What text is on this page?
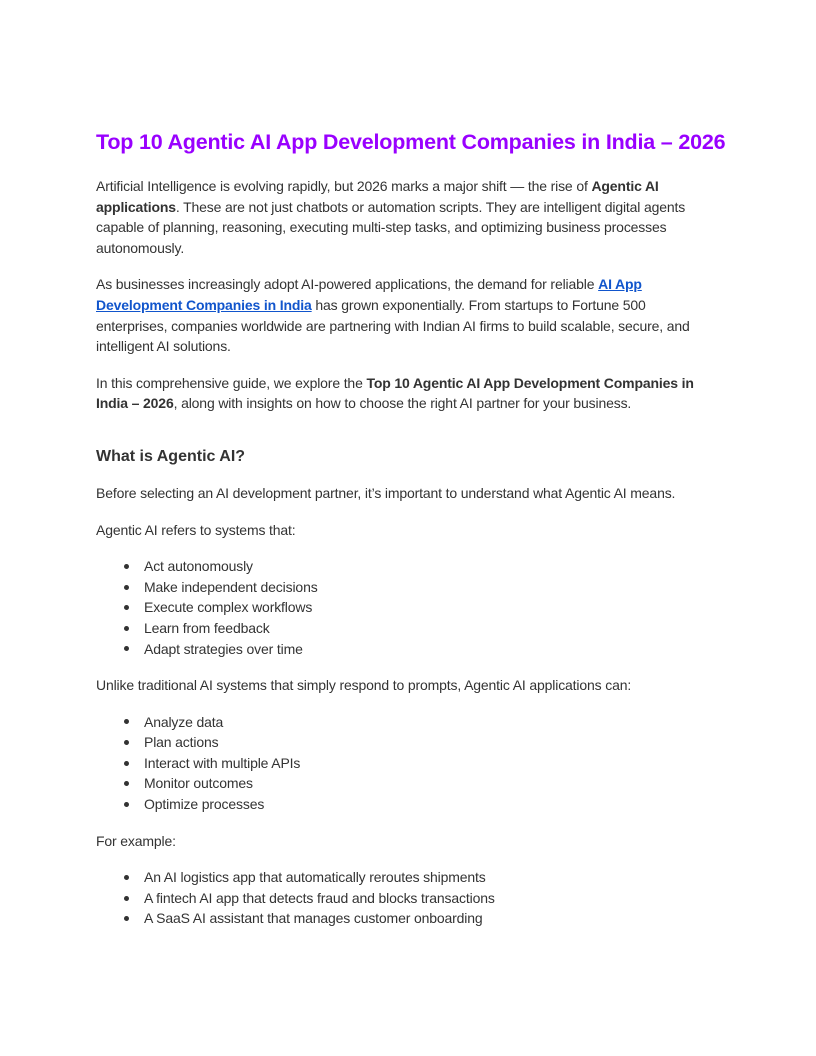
Top 10 Agentic AI App Development Companies in India – 2026

Artificial Intelligence is evolving rapidly, but 2026 marks a major shift — the rise of Agentic AI applications. These are not just chatbots or automation scripts. They are intelligent digital agents capable of planning, reasoning, executing multi-step tasks, and optimizing business processes autonomously.

As businesses increasingly adopt AI-powered applications, the demand for reliable AI App Development Companies in India has grown exponentially. From startups to Fortune 500 enterprises, companies worldwide are partnering with Indian AI firms to build scalable, secure, and intelligent AI solutions.

In this comprehensive guide, we explore the Top 10 Agentic AI App Development Companies in India – 2026, along with insights on how to choose the right AI partner for your business.

What is Agentic AI?

Before selecting an AI development partner, it’s important to understand what Agentic AI means.

Agentic AI refers to systems that:

Act autonomously
Make independent decisions
Execute complex workflows
Learn from feedback
Adapt strategies over time

Unlike traditional AI systems that simply respond to prompts, Agentic AI applications can:

Analyze data
Plan actions
Interact with multiple APIs
Monitor outcomes
Optimize processes

For example:

An AI logistics app that automatically reroutes shipments
A fintech AI app that detects fraud and blocks transactions
A SaaS AI assistant that manages customer onboarding
